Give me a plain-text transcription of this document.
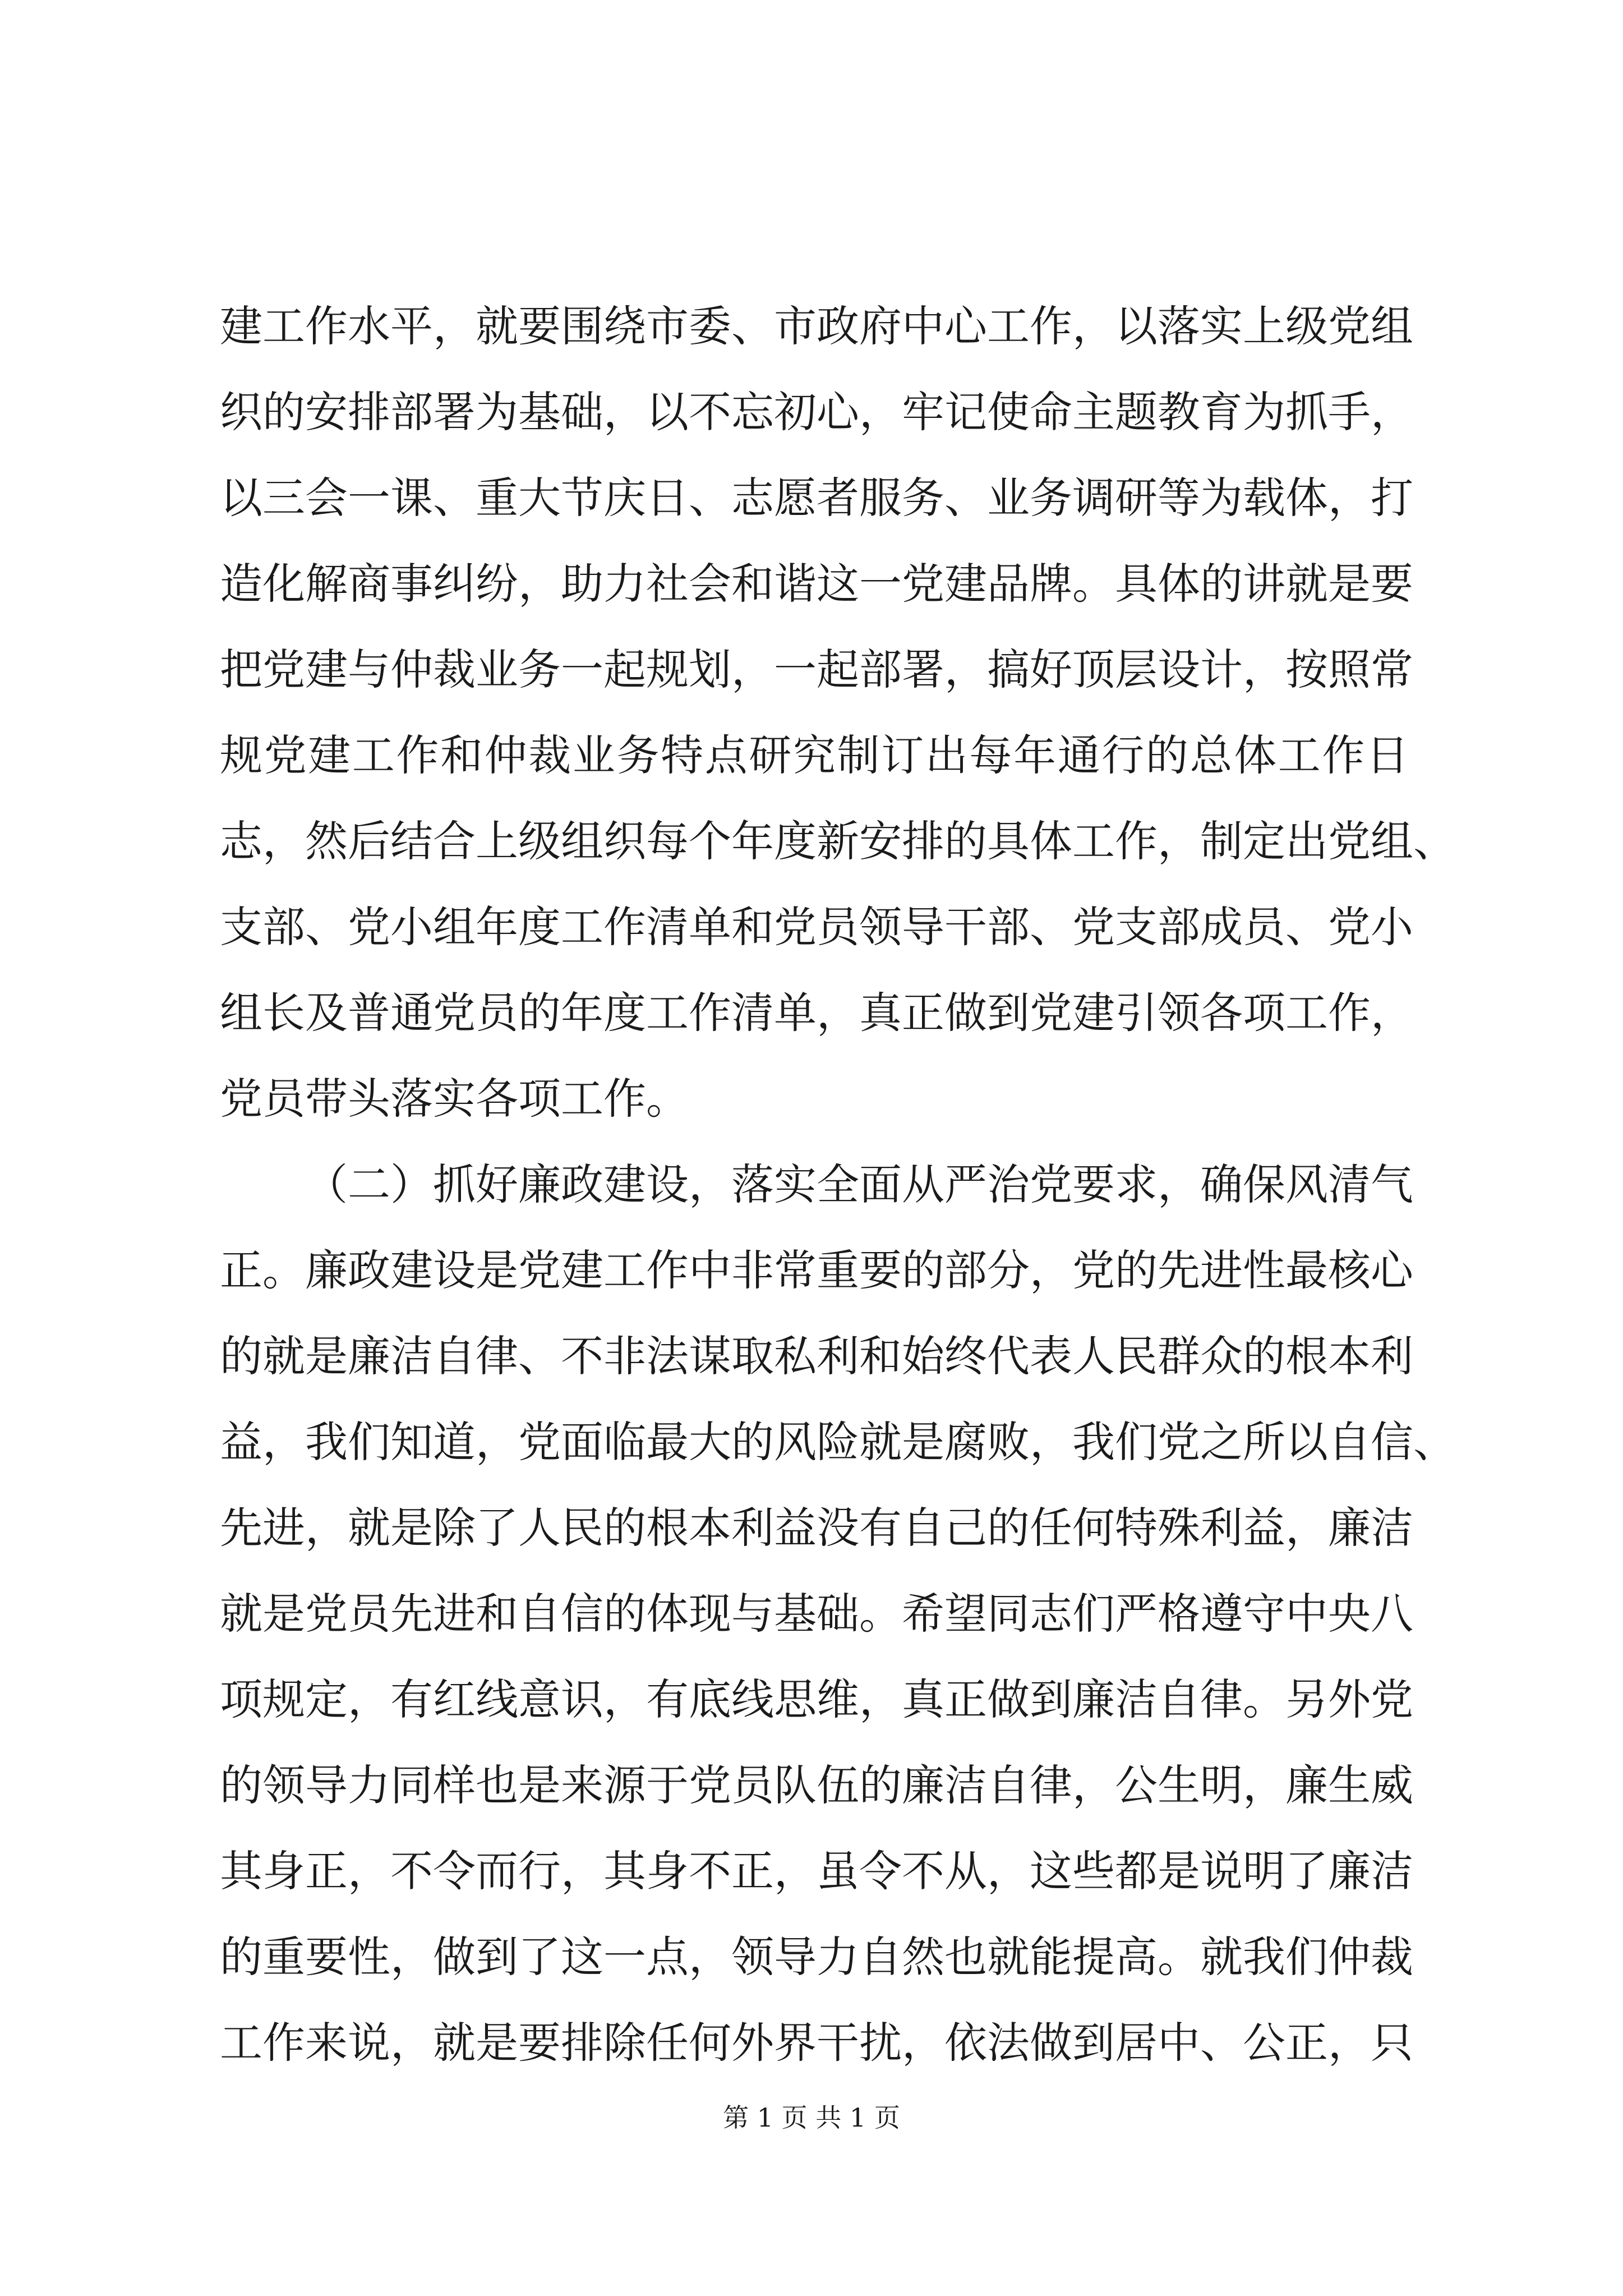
建工作水平，就要围绕市委、市政府中心工作，以落实上级党组
织的安排部署为基础，以不忘初心，牢记使命主题教育为抓手，
以三会一课、重大节庆日、志愿者服务、业务调研等为载体，打
造化解商事纠纷，助力社会和谐这一党建品牌。具体的讲就是要
把党建与仲裁业务一起规划，一起部署，搞好顶层设计，按照常
规党建工作和仲裁业务特点研究制订出每年通行的总体工作日
志，然后结合上级组织每个年度新安排的具体工作，制定出党组、
支部、党小组年度工作清单和党员领导干部、党支部成员、党小
组长及普通党员的年度工作清单，真正做到党建引领各项工作，
党员带头落实各项工作。
（二）抓好廉政建设，落实全面从严治党要求，确保风清气
正。廉政建设是党建工作中非常重要的部分，党的先进性最核心
的就是廉洁自律、不非法谋取私利和始终代表人民群众的根本利
益，我们知道，党面临最大的风险就是腐败，我们党之所以自信、
先进，就是除了人民的根本利益没有自己的任何特殊利益，廉洁
就是党员先进和自信的体现与基础。希望同志们严格遵守中央八
项规定，有红线意识，有底线思维，真正做到廉洁自律。另外党
的领导力同样也是来源于党员队伍的廉洁自律，公生明，廉生威
其身正，不令而行，其身不正，虽令不从，这些都是说明了廉洁
的重要性，做到了这一点，领导力自然也就能提高。就我们仲裁
工作来说，就是要排除任何外界干扰，依法做到居中、公正，只
第 1 页 共 1 页
